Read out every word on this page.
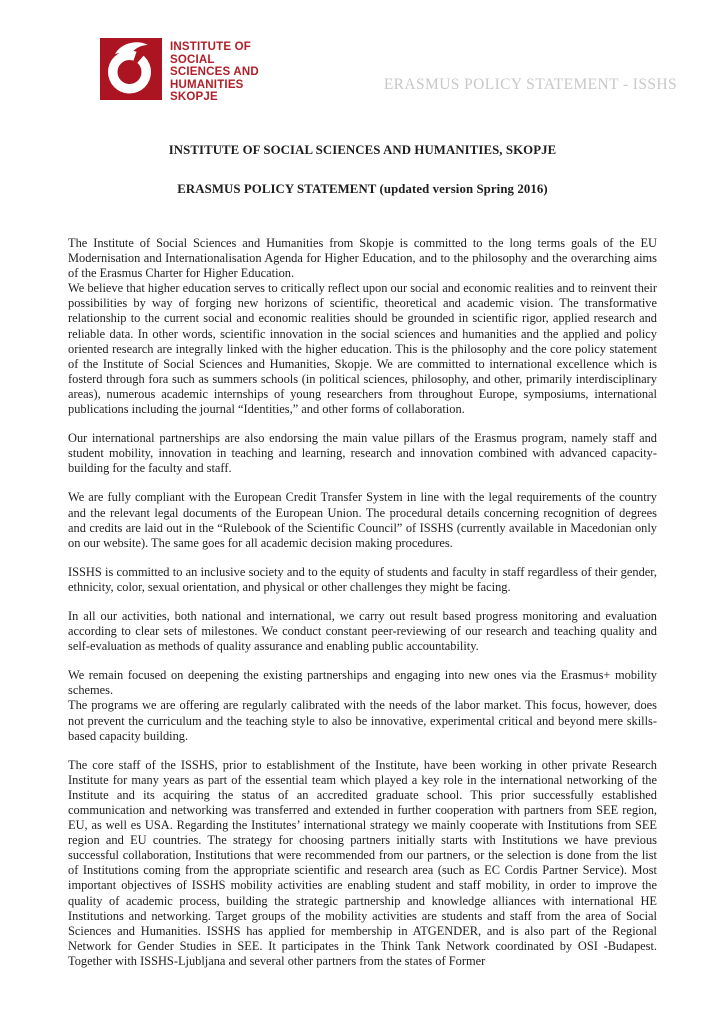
INSTITUTE OF
SOCIAL
SCIENCES AND
HUMANITIES
SKOPJE
ERASMUS POLICY STATEMENT - ISSHS
INSTITUTE OF SOCIAL SCIENCES AND HUMANITIES, SKOPJE
ERASMUS POLICY STATEMENT (updated version Spring 2016)
The Institute of Social Sciences and Humanities from Skopje is committed to the long terms goals of the EU Modernisation and Internationalisation Agenda for Higher Education, and to the philosophy and the overarching aims of the Erasmus Charter for Higher Education.
We believe that higher education serves to critically reflect upon our social and economic realities and to reinvent their possibilities by way of forging new horizons of scientific, theoretical and academic vision. The transformative relationship to the current social and economic realities should be grounded in scientific rigor, applied research and reliable data. In other words, scientific innovation in the social sciences and humanities and the applied and policy oriented research are integrally linked with the higher education. This is the philosophy and the core policy statement of the Institute of Social Sciences and Humanities, Skopje. We are committed to international excellence which is fosterd through fora such as summers schools (in political sciences, philosophy, and other, primarily interdisciplinary areas), numerous academic internships of young researchers from throughout Europe, symposiums, international publications including the journal “Identities,” and other forms of collaboration.
Our international partnerships are also endorsing the main value pillars of the Erasmus program, namely staff and student mobility, innovation in teaching and learning, research and innovation combined with advanced capacity-building for the faculty and staff.
We are fully compliant with the European Credit Transfer System in line with the legal requirements of the country and the relevant legal documents of the European Union. The procedural details concerning recognition of degrees and credits are laid out in the “Rulebook of the Scientific Council” of ISSHS (currently available in Macedonian only on our website). The same goes for all academic decision making procedures.
ISSHS is committed to an inclusive society and to the equity of students and faculty in staff regardless of their gender, ethnicity, color, sexual orientation, and physical or other challenges they might be facing.
In all our activities, both national and international, we carry out result based progress monitoring and evaluation according to clear sets of milestones. We conduct constant peer-reviewing of our research and teaching quality and self-evaluation as methods of quality assurance and enabling public accountability.
We remain focused on deepening the existing partnerships and engaging into new ones via the Erasmus+ mobility schemes.
The programs we are offering are regularly calibrated with the needs of the labor market. This focus, however, does not prevent the curriculum and the teaching style to also be innovative, experimental critical and beyond mere skills-based capacity building.
The core staff of the ISSHS, prior to establishment of the Institute, have been working in other private Research Institute for many years as part of the essential team which played a key role in the international networking of the Institute and its acquiring the status of an accredited graduate school. This prior successfully established communication and networking was transferred and extended in further cooperation with partners from SEE region, EU, as well es USA. Regarding the Institutes’ international strategy we mainly cooperate with Institutions from SEE region and EU countries. The strategy for choosing partners initially starts with Institutions we have previous successful collaboration, Institutions that were recommended from our partners, or the selection is done from the list of Institutions coming from the appropriate scientific and research area (such as EC Cordis Partner Service). Most important objectives of ISSHS mobility activities are enabling student and staff mobility, in order to improve the quality of academic process, building the strategic partnership and knowledge alliances with international HE Institutions and networking. Target groups of the mobility activities are students and staff from the area of Social Sciences and Humanities. ISSHS has applied for membership in ATGENDER, and is also part of the Regional Network for Gender Studies in SEE. It participates in the Think Tank Network coordinated by OSI -Budapest. Together with ISSHS-Ljubljana and several other partners from the states of Former
